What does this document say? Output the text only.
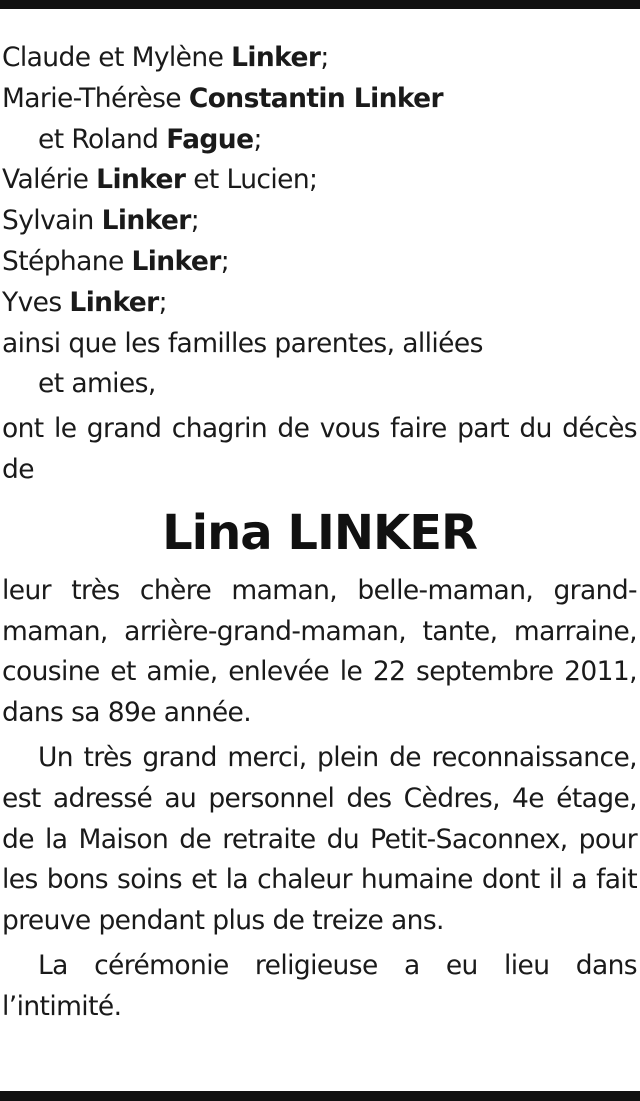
Claude et Mylène Linker;
Marie-Thérèse Constantin Linker
et Roland Fague;
Valérie Linker et Lucien;
Sylvain Linker;
Stéphane Linker;
Yves Linker;
ainsi que les familles parentes, alliées
et amies,
ont le grand chagrin de vous faire part du décès de
Lina LINKER
leur très chère maman, belle-maman, grand-maman, arrière-grand-maman, tante, marraine, cousine et amie, enlevée le 22 septembre 2011, dans sa 89e année.
Un très grand merci, plein de reconnaissance, est adressé au personnel des Cèdres, 4e étage, de la Maison de retraite du Petit-Saconnex, pour les bons soins et la chaleur humaine dont il a fait preuve pendant plus de treize ans.
La cérémonie religieuse a eu lieu dans l’intimité.
